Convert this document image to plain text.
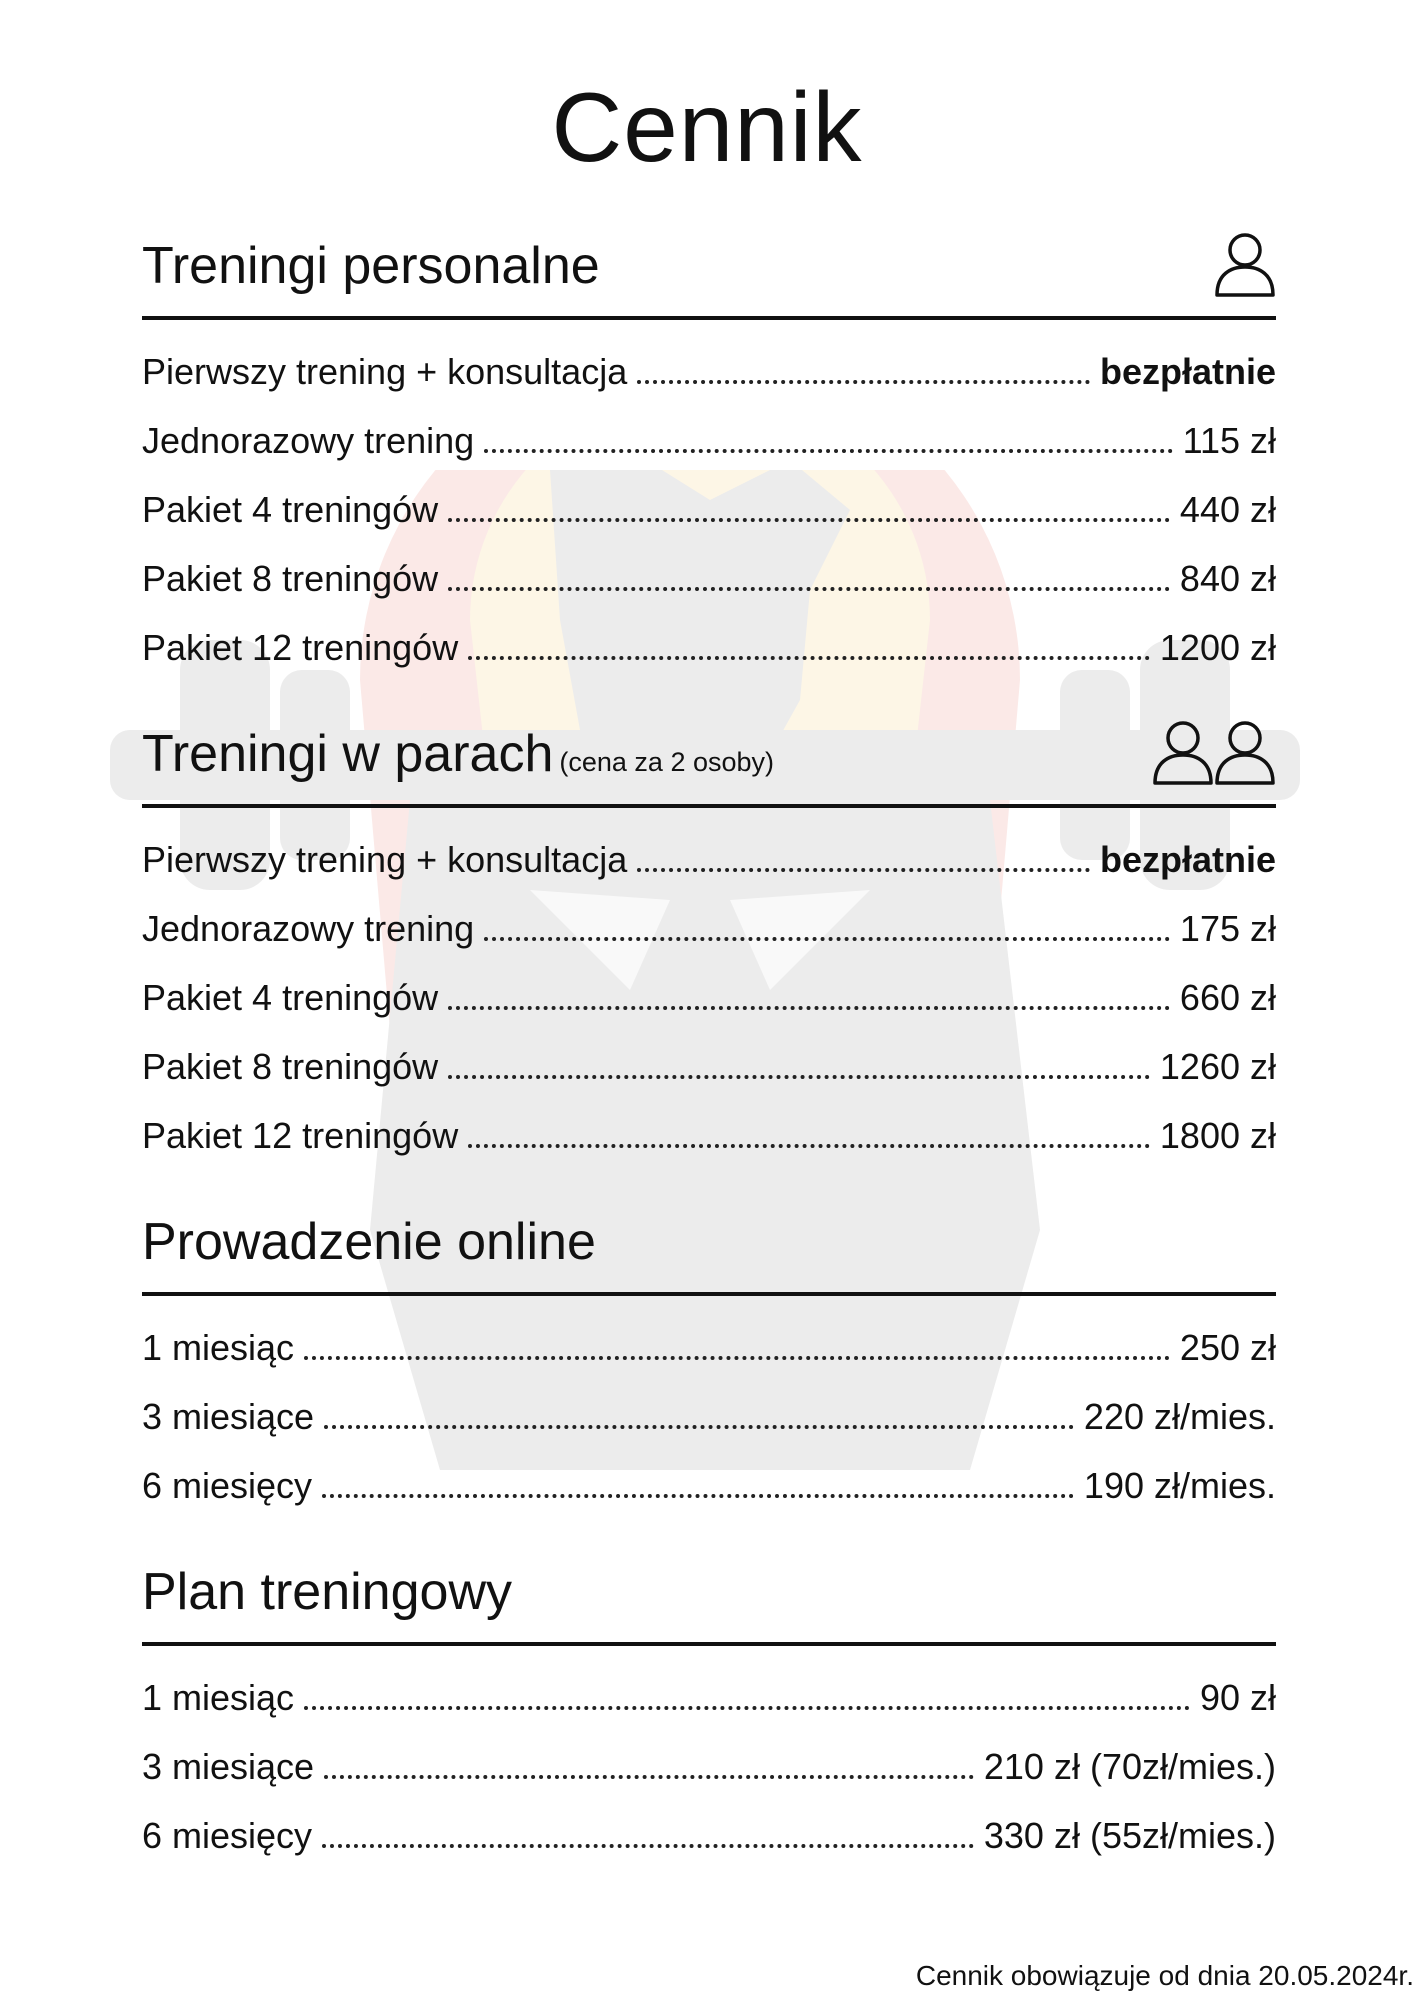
Cennik
Treningi personalne
Pierwszy trening + konsultacja	bezpłatnie
Jednorazowy trening	115 zł
Pakiet 4 treningów	440 zł
Pakiet 8 treningów	840 zł
Pakiet 12 treningów	1200 zł
Treningi w parach (cena za 2 osoby)
Pierwszy trening + konsultacja	bezpłatnie
Jednorazowy trening	175 zł
Pakiet 4 treningów	660 zł
Pakiet 8 treningów	1260 zł
Pakiet 12 treningów	1800 zł
Prowadzenie online
1 miesiąc	250 zł
3 miesiące	220 zł/mies.
6 miesięcy	190 zł/mies.
Plan treningowy
1 miesiąc	90 zł
3 miesiące	210 zł (70zł/mies.)
6 miesięcy	330 zł (55zł/mies.)
Cennik obowiązuje od dnia 20.05.2024r.
